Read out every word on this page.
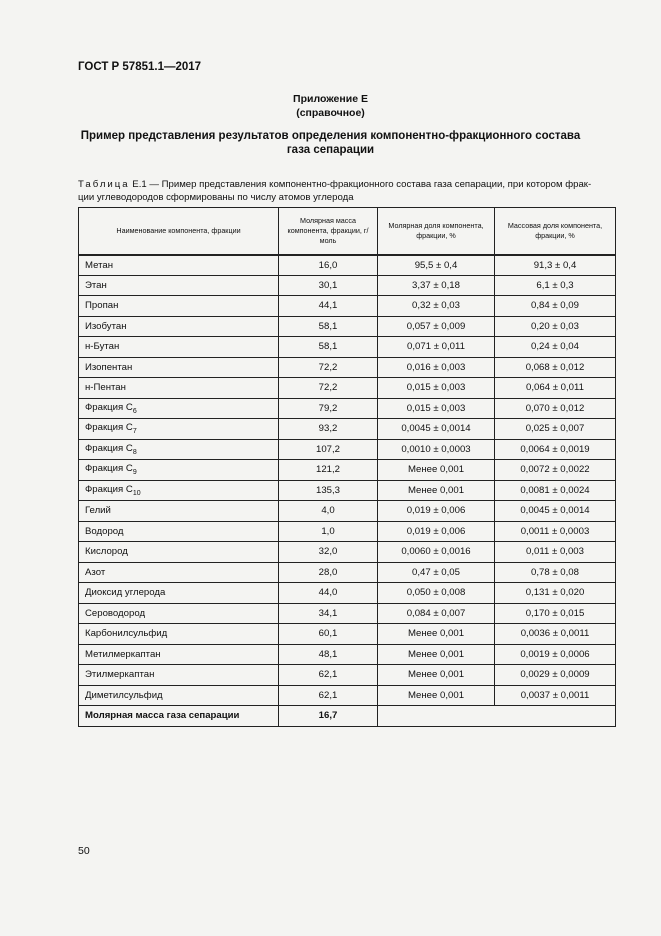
ГОСТ Р 57851.1—2017
Приложение Е
(справочное)
Пример представления результатов определения компонентно-фракционного состава
газа сепарации
Таблица Е.1 — Пример представления компонентно-фракционного состава газа сепарации, при котором фрак-
ции углеводородов сформированы по числу атомов углерода
Наименование компонента, фракции	Молярная масса компонента, фракции, г/моль	Молярная доля компонента, фракции, %	Массовая доля компонента, фракции, %
Метан	16,0	95,5 ± 0,4	91,3 ± 0,4
Этан	30,1	3,37 ± 0,18	6,1 ± 0,3
Пропан	44,1	0,32 ± 0,03	0,84 ± 0,09
Изобутан	58,1	0,057 ± 0,009	0,20 ± 0,03
н-Бутан	58,1	0,071 ± 0,011	0,24 ± 0,04
Изопентан	72,2	0,016 ± 0,003	0,068 ± 0,012
н-Пентан	72,2	0,015 ± 0,003	0,064 ± 0,011
Фракция $С_6$	79,2	0,015 ± 0,003	0,070 ± 0,012
Фракция $С_7$	93,2	0,0045 ± 0,0014	0,025 ± 0,007
Фракция $С_8$	107,2	0,0010 ± 0,0003	0,0064 ± 0,0019
Фракция $С_9$	121,2	Менее 0,001	0,0072 ± 0,0022
Фракция $С_{10}$	135,3	Менее 0,001	0,0081 ± 0,0024
Гелий	4,0	0,019 ± 0,006	0,0045 ± 0,0014
Водород	1,0	0,019 ± 0,006	0,0011 ± 0,0003
Кислород	32,0	0,0060 ± 0,0016	0,011 ± 0,003
Азот	28,0	0,47 ± 0,05	0,78 ± 0,08
Диоксид углерода	44,0	0,050 ± 0,008	0,131 ± 0,020
Сероводород	34,1	0,084 ± 0,007	0,170 ± 0,015
Карбонилсульфид	60,1	Менее 0,001	0,0036 ± 0,0011
Метилмеркаптан	48,1	Менее 0,001	0,0019 ± 0,0006
Этилмеркаптан	62,1	Менее 0,001	0,0029 ± 0,0009
Диметилсульфид	62,1	Менее 0,001	0,0037 ± 0,0011
Молярная масса газа сепарации	16,7		
50
